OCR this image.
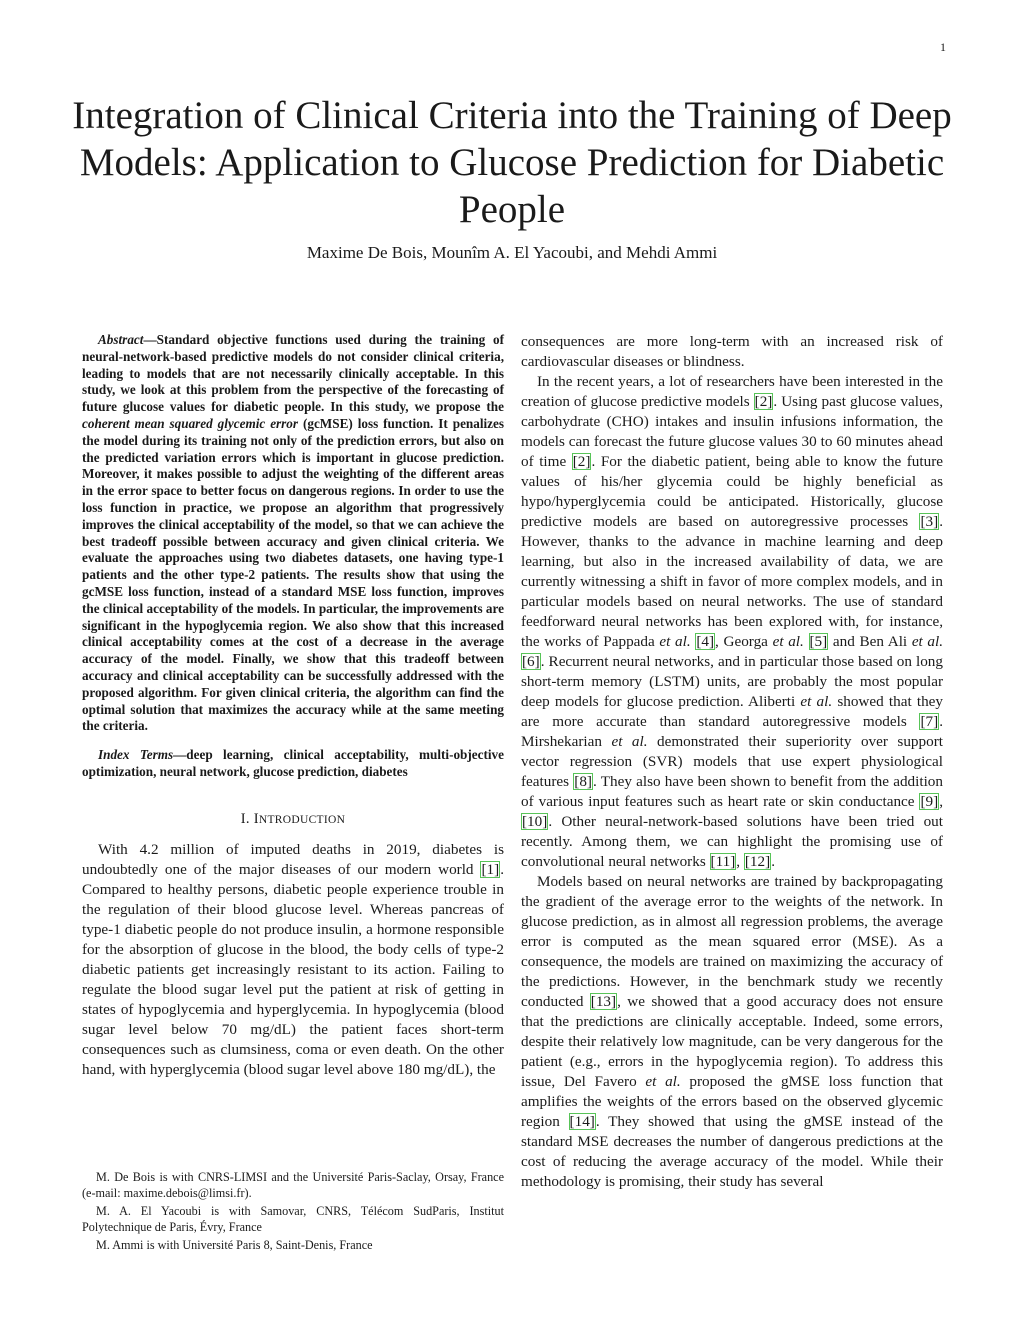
1
Integration of Clinical Criteria into the Training of Deep Models: Application to Glucose Prediction for Diabetic People
Maxime De Bois, Mounîm A. El Yacoubi, and Mehdi Ammi

Abstract—Standard objective functions used during the training of neural-network-based predictive models do not consider clinical criteria, leading to models that are not necessarily clinically acceptable. In this study, we look at this problem from the perspective of the forecasting of future glucose values for diabetic people. In this study, we propose the coherent mean squared glycemic error (gcMSE) loss function. It penalizes the model during its training not only of the prediction errors, but also on the predicted variation errors which is important in glucose prediction. Moreover, it makes possible to adjust the weighting of the different areas in the error space to better focus on dangerous regions. In order to use the loss function in practice, we propose an algorithm that progressively improves the clinical acceptability of the model, so that we can achieve the best tradeoff possible between accuracy and given clinical criteria. We evaluate the approaches using two diabetes datasets, one having type-1 patients and the other type-2 patients. The results show that using the gcMSE loss function, instead of a standard MSE loss function, improves the clinical acceptability of the models. In particular, the improvements are significant in the hypoglycemia region. We also show that this increased clinical acceptability comes at the cost of a decrease in the average accuracy of the model. Finally, we show that this tradeoff between accuracy and clinical acceptability can be successfully addressed with the proposed algorithm. For given clinical criteria, the algorithm can find the optimal solution that maximizes the accuracy while at the same meeting the criteria.

Index Terms—deep learning, clinical acceptability, multi-objective optimization, neural network, glucose prediction, diabetes

I. INTRODUCTION

With 4.2 million of imputed deaths in 2019, diabetes is undoubtedly one of the major diseases of our modern world [1]. Compared to healthy persons, diabetic people experience trouble in the regulation of their blood glucose level. Whereas pancreas of type-1 diabetic people do not produce insulin, a hormone responsible for the absorption of glucose in the blood, the body cells of type-2 diabetic patients get increasingly resistant to its action. Failing to regulate the blood sugar level put the patient at risk of getting in states of hypoglycemia and hyperglycemia. In hypoglycemia (blood sugar level below 70 mg/dL) the patient faces short-term consequences such as clumsiness, coma or even death. On the other hand, with hyperglycemia (blood sugar level above 180 mg/dL), the

M. De Bois is with CNRS-LIMSI and the Université Paris-Saclay, Orsay, France (e-mail: maxime.debois@limsi.fr).

M. A. El Yacoubi is with Samovar, CNRS, Télécom SudParis, Institut Polytechnique de Paris, Évry, France

M. Ammi is with Université Paris 8, Saint-Denis, France

consequences are more long-term with an increased risk of cardiovascular diseases or blindness.

In the recent years, a lot of researchers have been interested in the creation of glucose predictive models [2]. Using past glucose values, carbohydrate (CHO) intakes and insulin infusions information, the models can forecast the future glucose values 30 to 60 minutes ahead of time [2]. For the diabetic patient, being able to know the future values of his/her glycemia could be highly beneficial as hypo/hyperglycemia could be anticipated. Historically, glucose predictive models are based on autoregressive processes [3]. However, thanks to the advance in machine learning and deep learning, but also in the increased availability of data, we are currently witnessing a shift in favor of more complex models, and in particular models based on neural networks. The use of standard feedforward neural networks has been explored with, for instance, the works of Pappada et al. [4], Georga et al. [5] and Ben Ali et al. [6]. Recurrent neural networks, and in particular those based on long short-term memory (LSTM) units, are probably the most popular deep models for glucose prediction. Aliberti et al. showed that they are more accurate than standard autoregressive models [7]. Mirshekarian et al. demonstrated their superiority over support vector regression (SVR) models that use expert physiological features [8]. They also have been shown to benefit from the addition of various input features such as heart rate or skin conductance [9], [10]. Other neural-network-based solutions have been tried out recently. Among them, we can highlight the promising use of convolutional neural networks [11], [12].

Models based on neural networks are trained by backpropagating the gradient of the average error to the weights of the network. In glucose prediction, as in almost all regression problems, the average error is computed as the mean squared error (MSE). As a consequence, the models are trained on maximizing the accuracy of the predictions. However, in the benchmark study we recently conducted [13], we showed that a good accuracy does not ensure that the predictions are clinically acceptable. Indeed, some errors, despite their relatively low magnitude, can be very dangerous for the patient (e.g., errors in the hypoglycemia region). To address this issue, Del Favero et al. proposed the gMSE loss function that amplifies the weights of the errors based on the observed glycemic region [14]. They showed that using the gMSE instead of the standard MSE decreases the number of dangerous predictions at the cost of reducing the average accuracy of the model. While their methodology is promising, their study has several
